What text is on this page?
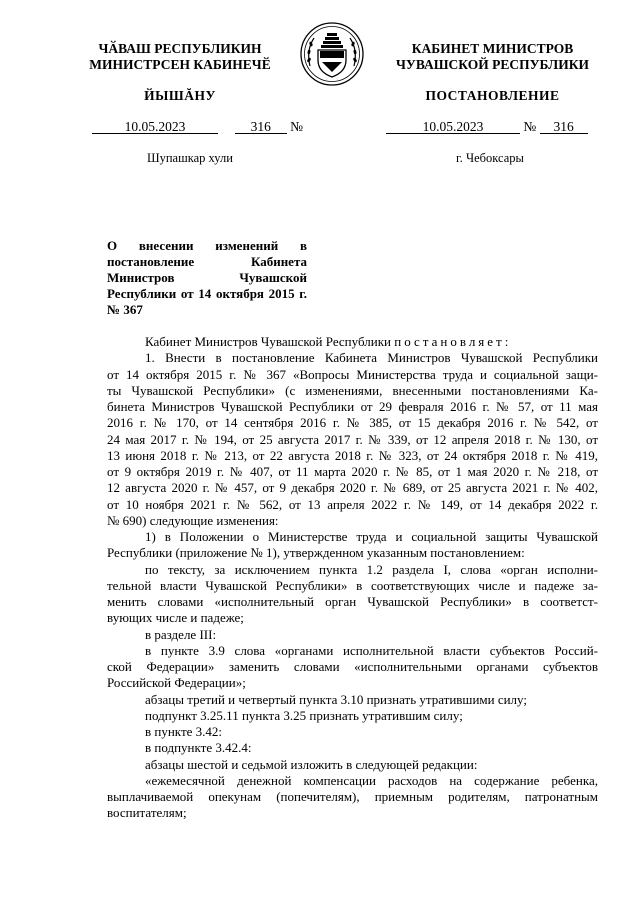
ЧӐВАШ РЕСПУБЛИКИН
МИНИСТРСЕН КАБИНЕЧӖ
КАБИНЕТ МИНИСТРОВ
ЧУВАШСКОЙ РЕСПУБЛИКИ
ЙЫШĂНУ	ПОСТАНОВЛЕНИЕ
10.05.2023	316 №	10.05.2023	№ 316
Шупашкар хули	г. Чебоксары
О внесении изменений в постановление Кабинета Министров Чувашской Республики от 14 октября 2015 г. № 367

Кабинет Министров Чувашской Республики постановляет:

1. Внести в постановление Кабинета Министров Чувашской Республики

от 14 октября 2015 г. № 367 «Вопросы Министерства труда и социальной защи-

ты Чувашской Республики» (с изменениями, внесенными постановлениями Ка-

бинета Министров Чувашской Республики от 29 февраля 2016 г. № 57, от 11 мая

2016 г. № 170, от 14 сентября 2016 г. № 385, от 15 декабря 2016 г. № 542, от

24 мая 2017 г. № 194, от 25 августа 2017 г. № 339, от 12 апреля 2018 г. № 130, от

13 июня 2018 г. № 213, от 22 августа 2018 г. № 323, от 24 октября 2018 г. № 419,

от 9 октября 2019 г. № 407, от 11 марта 2020 г. № 85, от 1 мая 2020 г. № 218, от

12 августа 2020 г. № 457, от 9 декабря 2020 г. № 689, от 25 августа 2021 г. № 402,

от 10 ноября 2021 г. № 562, от 13 апреля 2022 г. № 149, от 14 декабря 2022 г.

№ 690) следующие изменения:

1) в Положении о Министерстве труда и социальной защиты Чувашской

Республики (приложение № 1), утвержденном указанным постановлением:

по тексту, за исключением пункта 1.2 раздела I, слова «орган исполни-

тельной власти Чувашской Республики» в соответствующих числе и падеже за-

менить словами «исполнительный орган Чувашской Республики» в соответст-

вующих числе и падеже;

в разделе III:

в пункте 3.9 слова «органами исполнительной власти субъектов Россий-

ской Федерации» заменить словами «исполнительными органами субъектов

Российской Федерации»;

абзацы третий и четвертый пункта 3.10 признать утратившими силу;

подпункт 3.25.11 пункта 3.25 признать утратившим силу;

в пункте 3.42:

в подпункте 3.42.4:

абзацы шестой и седьмой изложить в следующей редакции:

«ежемесячной денежной компенсации расходов на содержание ребенка,

выплачиваемой опекунам (попечителям), приемным родителям, патронатным

воспитателям;
